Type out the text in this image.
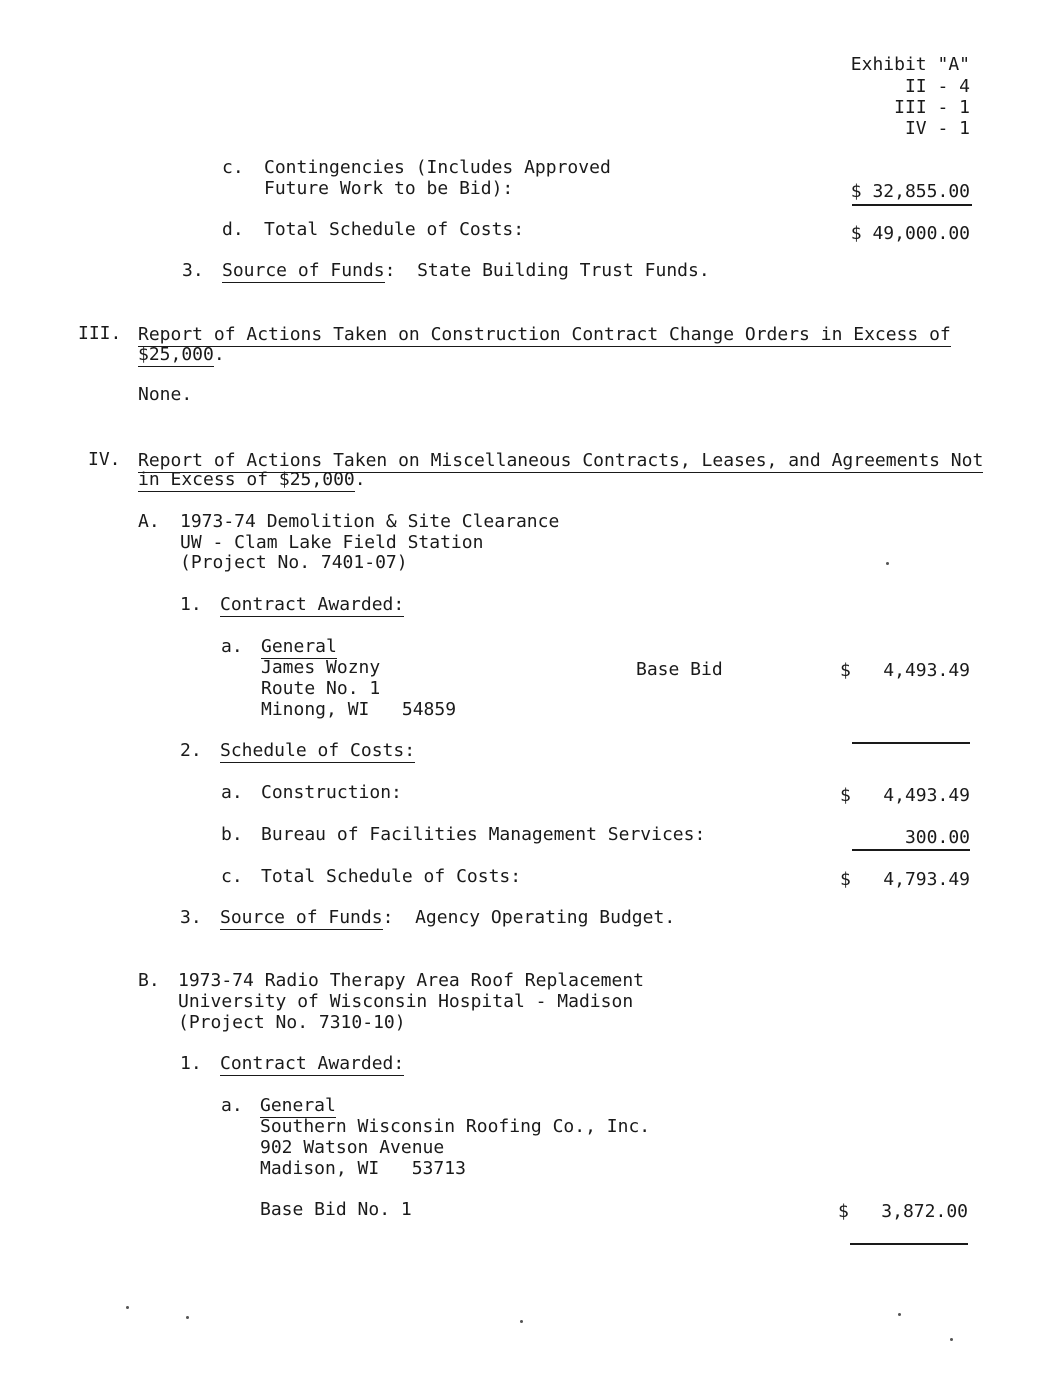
Exhibit "A"
II - 4
III - 1
IV - 1
c. Contingencies (Includes Approved
Future Work to be Bid):	$ 32,855.00
d. Total Schedule of Costs:	$ 49,000.00
3. Source of Funds:  State Building Trust Funds.
III. Report of Actions Taken on Construction Contract Change Orders in Excess of
$25,000.
None.
IV. Report of Actions Taken on Miscellaneous Contracts, Leases, and Agreements Not
in Excess of $25,000.
A. 1973-74 Demolition & Site Clearance
UW - Clam Lake Field Station
(Project No. 7401-07)
1. Contract Awarded:
a. General
James Wozny
Route No. 1
Minong, WI   54859
Base Bid	$   4,493.49
2. Schedule of Costs:
a. Construction:	$   4,493.49
b. Bureau of Facilities Management Services:	300.00
c. Total Schedule of Costs:	$   4,793.49
3. Source of Funds:  Agency Operating Budget.
B. 1973-74 Radio Therapy Area Roof Replacement
University of Wisconsin Hospital - Madison
(Project No. 7310-10)
1. Contract Awarded:
a. General
Southern Wisconsin Roofing Co., Inc.
902 Watson Avenue
Madison, WI   53713
Base Bid No. 1	$   3,872.00
